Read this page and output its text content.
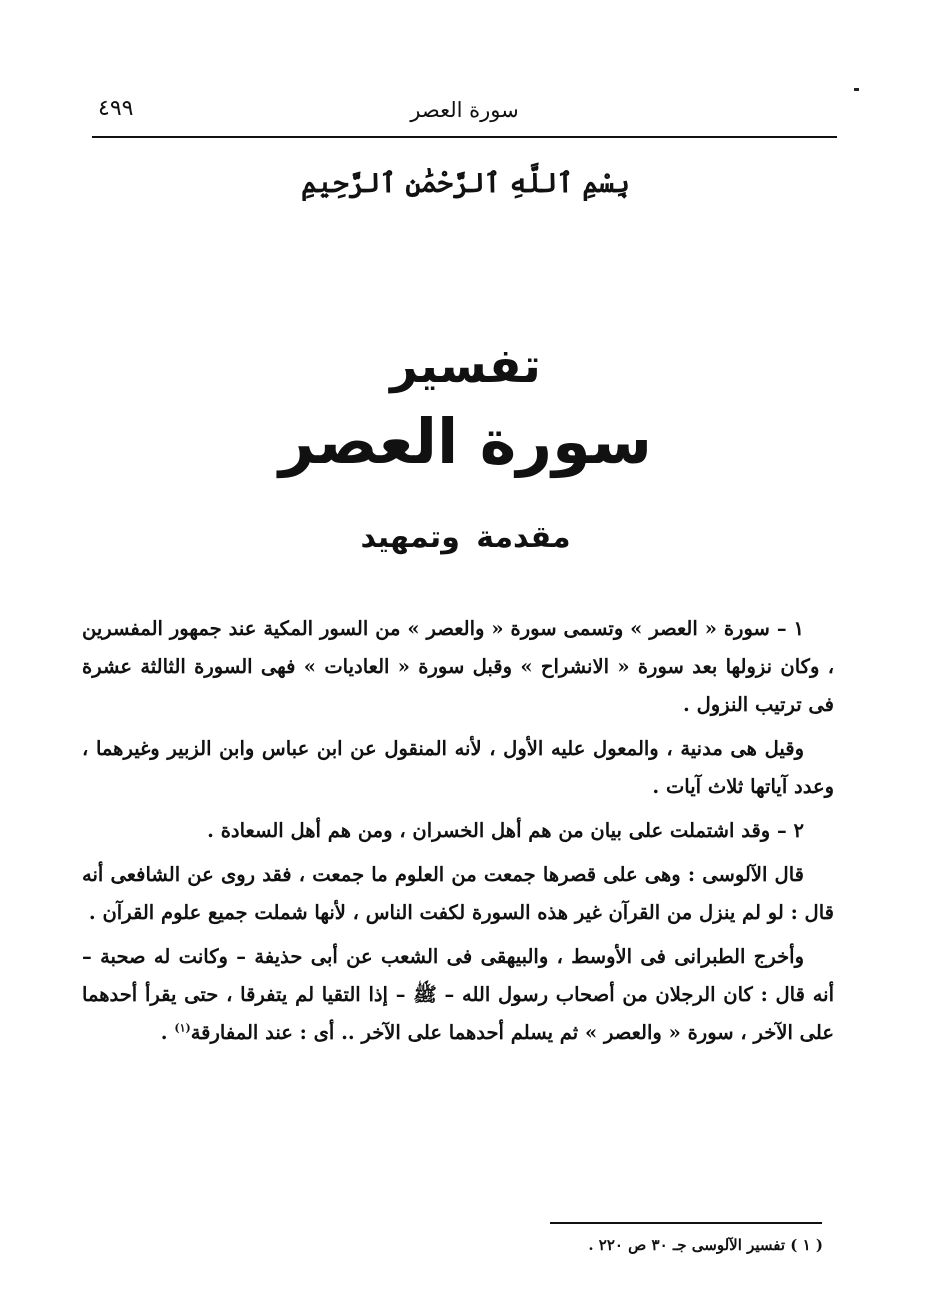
٤٩٩	سورة العصر
بِسْمِ ٱللَّهِ ٱلرَّحْمَٰنِ ٱلرَّحِيمِ
تفسير
سورة العصر
مقدمة وتمهيد

١ – سورة « العصر » وتسمى سورة « والعصر » من السور المكية عند جمهور المفسرين ، وكان نزولها بعد سورة « الانشراح » وقبل سورة « العاديات » فهى السورة الثالثة عشرة فى ترتيب النزول .

وقيل هى مدنية ، والمعول عليه الأول ، لأنه المنقول عن ابن عباس وابن الزبير وغيرهما ، وعدد آياتها ثلاث آيات .

٢ – وقد اشتملت على بيان من هم أهل الخسران ، ومن هم أهل السعادة .

قال الآلوسى : وهى على قصرها جمعت من العلوم ما جمعت ، فقد روى عن الشافعى أنه قال : لو لم ينزل من القرآن غير هذه السورة لكفت الناس ، لأنها شملت جميع علوم القرآن .

وأخرج الطبرانى فى الأوسط ، والبيهقى فى الشعب عن أبى حذيفة – وكانت له صحبة – أنه قال : كان الرجلان من أصحاب رسول الله – ﷺ – إذا التقيا لم يتفرقا ، حتى يقرأ أحدهما على الآخر ، سورة « والعصر » ثم يسلم أحدهما على الآخر .. أى : عند المفارقة$^{(١)}$ .

( ١ ) تفسير الآلوسى جـ ٣٠ ص ٢٢٠ .
